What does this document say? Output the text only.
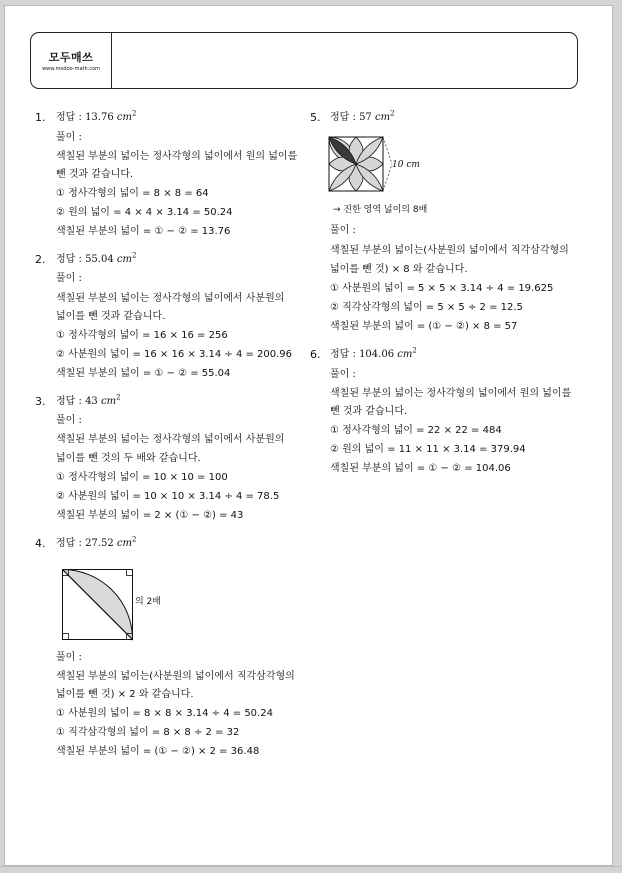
모두매쓰
www.modoo-math.com
1. 정답 : 13.76 $cm^2$
풀이 :
색칠된 부분의 넓이는 정사각형의 넓이에서 원의 넓이를
뺀 것과 같습니다.
① 정사각형의 넓이 = 8 × 8 = 64
② 원의 넓이 = 4 × 4 × 3.14 = 50.24
색칠된 부분의 넓이 = ① − ② = 13.76
2. 정답 : 55.04 $cm^2$
풀이 :
색칠된 부분의 넓이는 정사각형의 넓이에서 사분원의
넓이를 뺀 것과 같습니다.
① 정사각형의 넓이 = 16 × 16 = 256
② 사분원의 넓이 = 16 × 16 × 3.14 ÷ 4 = 200.96
색칠된 부분의 넓이 = ① − ② = 55.04
3. 정답 : 43 $cm^2$
풀이 :
색칠된 부분의 넓이는 정사각형의 넓이에서 사분원의
넓이를 뺀 것의 두 배와 같습니다.
① 정사각형의 넓이 = 10 × 10 = 100
② 사분원의 넓이 = 10 × 10 × 3.14 ÷ 4 = 78.5
색칠된 부분의 넓이 = 2 × (① − ②) = 43
4. 정답 : 27.52 $cm^2$
의 2배
풀이 :
색칠된 부분의 넓이는(사분원의 넓이에서 직각삼각형의
넓이를 뺀 것) × 2 와 같습니다.
① 사분원의 넓이 = 8 × 8 × 3.14 ÷ 4 = 50.24
① 직각삼각형의 넓이 = 8 × 8 ÷ 2 = 32
색칠된 부분의 넓이 = (① − ②) × 2 = 36.48
5. 정답 : 57 $cm^2$
10 cm
→ 진한 영역 넓이의 8배
풀이 :
색칠된 부분의 넓이는(사분원의 넓이에서 직각삼각형의
넓이를 뺀 것) × 8 와 같습니다.
① 사분원의 넓이 = 5 × 5 × 3.14 ÷ 4 = 19.625
② 직각삼각형의 넓이 = 5 × 5 ÷ 2 = 12.5
색칠된 부분의 넓이 = (① − ②) × 8 = 57
6. 정답 : 104.06 $cm^2$
풀이 :
색칠된 부분의 넓이는 정사각형의 넓이에서 원의 넓이를
뺀 것과 같습니다.
① 정사각형의 넓이 = 22 × 22 = 484
② 원의 넓이 = 11 × 11 × 3.14 = 379.94
색칠된 부분의 넓이 = ① − ② = 104.06
